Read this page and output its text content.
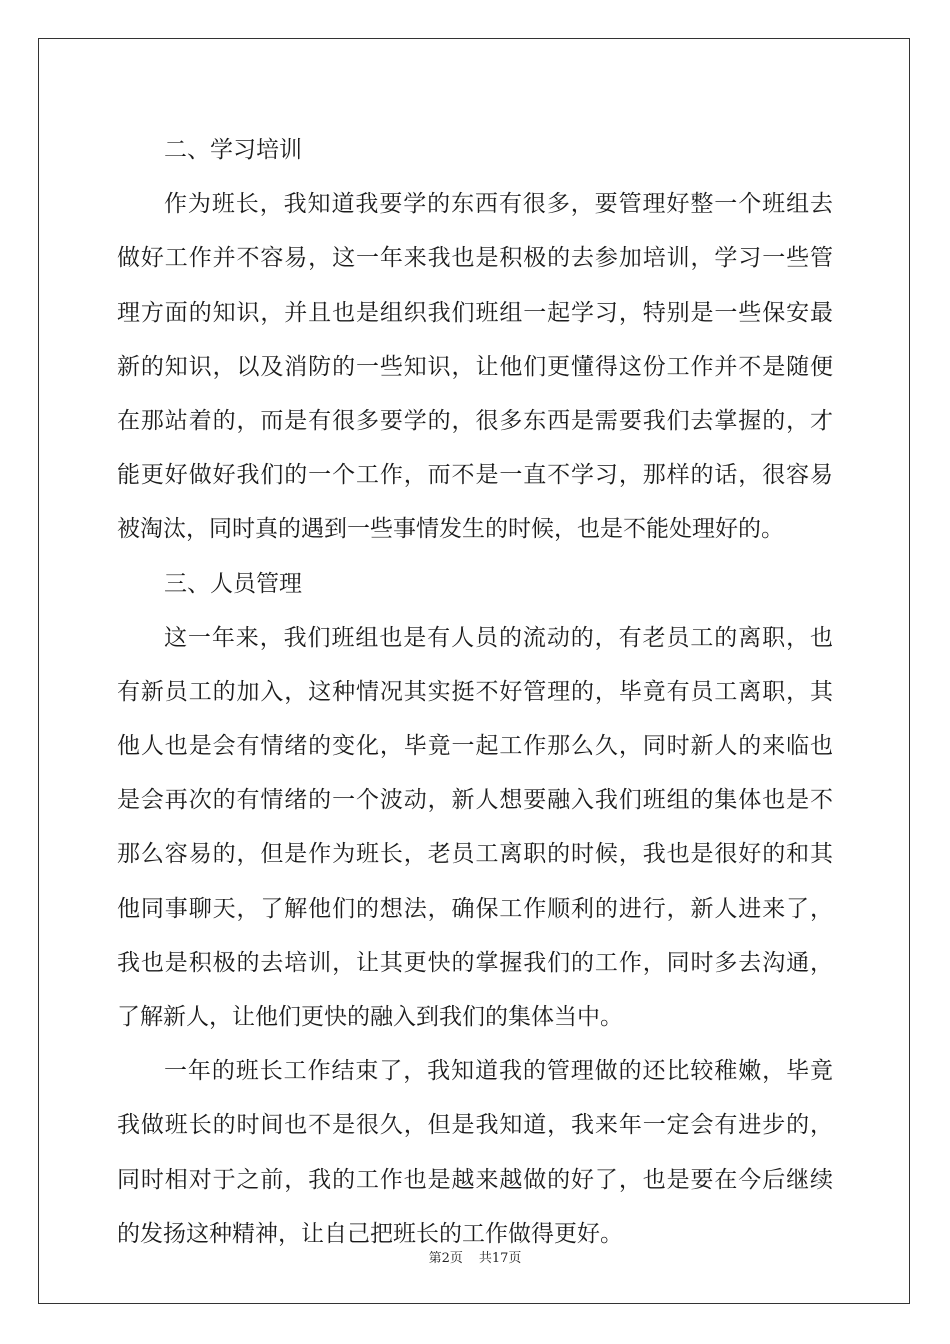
二、学习培训
作为班长，我知道我要学的东西有很多，要管理好整一个班组去
做好工作并不容易，这一年来我也是积极的去参加培训，学习一些管
理方面的知识，并且也是组织我们班组一起学习，特别是一些保安最
新的知识，以及消防的一些知识，让他们更懂得这份工作并不是随便
在那站着的，而是有很多要学的，很多东西是需要我们去掌握的，才
能更好做好我们的一个工作，而不是一直不学习，那样的话，很容易
被淘汰，同时真的遇到一些事情发生的时候，也是不能处理好的。
三、人员管理
这一年来，我们班组也是有人员的流动的，有老员工的离职，也
有新员工的加入，这种情况其实挺不好管理的，毕竟有员工离职，其
他人也是会有情绪的变化，毕竟一起工作那么久，同时新人的来临也
是会再次的有情绪的一个波动，新人想要融入我们班组的集体也是不
那么容易的，但是作为班长，老员工离职的时候，我也是很好的和其
他同事聊天，了解他们的想法，确保工作顺利的进行，新人进来了，
我也是积极的去培训，让其更快的掌握我们的工作，同时多去沟通，
了解新人，让他们更快的融入到我们的集体当中。
一年的班长工作结束了，我知道我的管理做的还比较稚嫩，毕竟
我做班长的时间也不是很久，但是我知道，我来年一定会有进步的，
同时相对于之前，我的工作也是越来越做的好了，也是要在今后继续
的发扬这种精神，让自己把班长的工作做得更好。
第2页 共17页
